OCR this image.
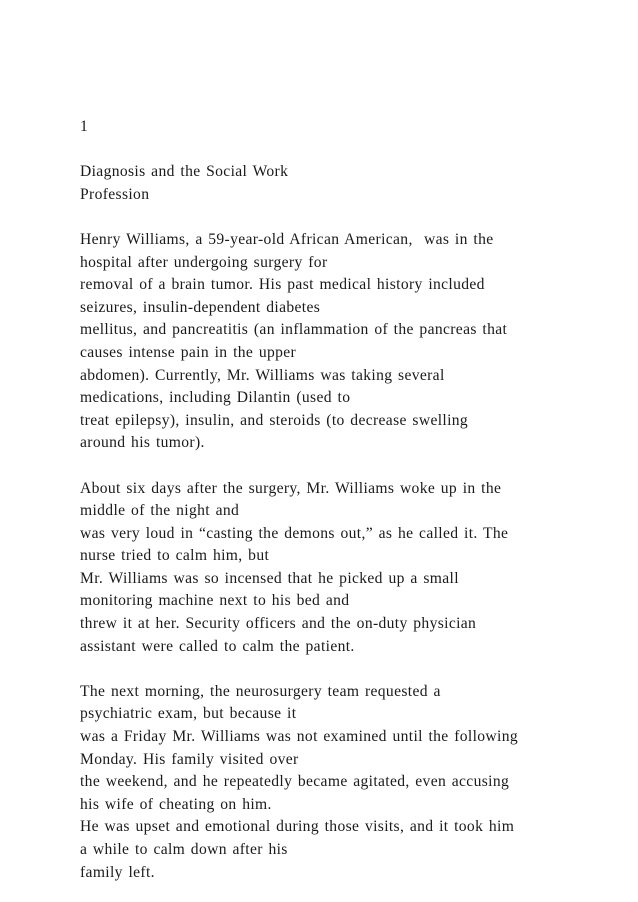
1
Diagnosis and the Social Work
Profession
Henry Williams, a 59-year-old African American,  was in the
hospital after undergoing surgery for
removal of a brain tumor. His past medical history included
seizures, insulin-dependent diabetes
mellitus, and pancreatitis (an inflammation of the pancreas that
causes intense pain in the upper
abdomen). Currently, Mr. Williams was taking several
medications, including Dilantin (used to
treat epilepsy), insulin, and steroids (to decrease swelling
around his tumor).
About six days after the surgery, Mr. Williams woke up in the
middle of the night and
was very loud in “casting the demons out,” as he called it. The
nurse tried to calm him, but
Mr. Williams was so incensed that he picked up a small
monitoring machine next to his bed and
threw it at her. Security officers and the on-duty physician
assistant were called to calm the patient.
The next morning, the neurosurgery team requested a
psychiatric exam, but because it
was a Friday Mr. Williams was not examined until the following
Monday. His family visited over
the weekend, and he repeatedly became agitated, even accusing
his wife of cheating on him.
He was upset and emotional during those visits, and it took him
a while to calm down after his
family left.
